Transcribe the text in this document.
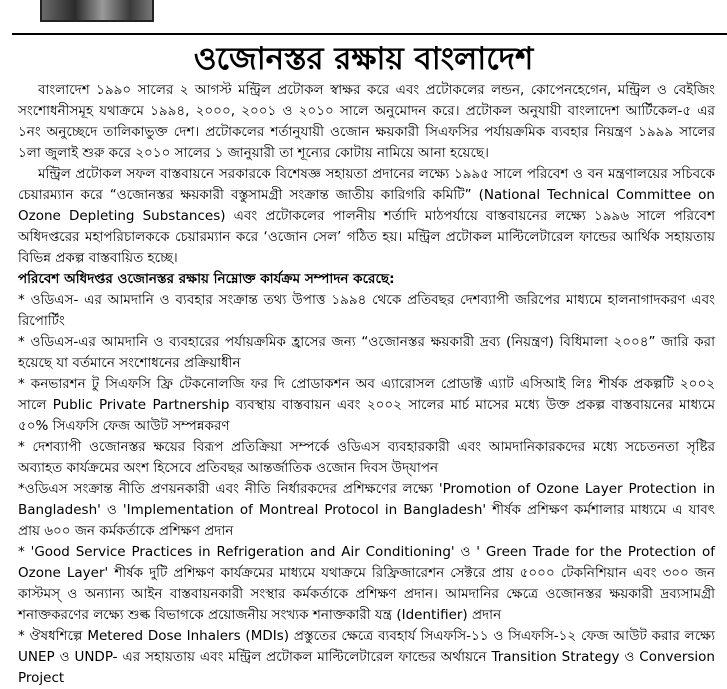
ওজোনস্তর রক্ষায় বাংলাদেশ

বাংলাদেশ ১৯৯০ সালের ২ আগস্ট মন্ট্রিল প্রটোকল স্বাক্ষর করে এবং প্রটোকলের লন্ডন, কোপেনহেগেন, মন্ট্রিল ও বেইজিং সংশোধনীসমূহ যথাক্রমে ১৯৯৪, ২০০০, ২০০১ ও ২০১০ সালে অনুমোদন করে। প্রটোকল অনুযায়ী বাংলাদেশ আর্টিকেল-৫ এর ১নং অনুচ্ছেদে তালিকাভুক্ত দেশ। প্রটোকলের শর্তানুযায়ী ওজোন ক্ষয়কারী সিএফসির পর্যায়ক্রমিক ব্যবহার নিয়ন্ত্রণ ১৯৯৯ সালের ১লা জুলাই শুরু করে ২০১০ সালের ১ জানুয়ারী তা শূন্যের কোটায় নামিয়ে আনা হয়েছে।

মন্ট্রিল প্রটোকল সফল বাস্তবায়নে সরকারকে বিশেষজ্ঞ সহায়তা প্রদানের লক্ষ্যে ১৯৯৫ সালে পরিবেশ ও বন মন্ত্রণালয়ের সচিবকে চেয়ারম্যান করে “ওজোনস্তর ক্ষয়কারী বস্তুসামগ্রী সংক্রান্ত জাতীয় কারিগরি কমিটি” (National Technical Committee on Ozone Depleting Substances) এবং প্রটোকলের পালনীয় শর্তাদি মাঠপর্যায়ে বাস্তবায়নের লক্ষ্যে ১৯৯৬ সালে পরিবেশ অধিদপ্তরের মহাপরিচালককে চেয়ারম্যান করে ‘ওজোন সেল’ গঠিত হয়। মন্ট্রিল প্রটোকল মাল্টিলেটারেল ফান্ডের আর্থিক সহায়তায় বিভিন্ন প্রকল্প বাস্তবায়িত হচ্ছে।

পরিবেশ অধিদপ্তর ওজোনস্তর রক্ষায় নিম্নোক্ত কার্যক্রম সম্পাদন করেছে:

* ওডিএস- এর আমদানি ও ব্যবহার সংক্রান্ত তথ্য উপাত্ত ১৯৯৪ থেকে প্রতিবছর দেশব্যাপী জরিপের মাধ্যমে হালনাগাদকরণ এবং রিপোর্টিং

* ওডিএস-এর আমদানি ও ব্যবহারের পর্যায়ক্রমিক হ্রাসের জন্য “ওজোনস্তর ক্ষয়কারী দ্রব্য (নিয়ন্ত্রণ) বিধিমালা ২০০৪” জারি করা হয়েছে যা বর্তমানে সংশোধনের প্রক্রিয়াধীন

* কনভারশন টু সিএফসি ফ্রি টেকনোলজি ফর দি প্রোডাকশন অব এ্যারোসল প্রোডাক্ট এ্যাট এসিআই লিঃ শীর্ষক প্রকল্পটি ২০০২ সালে Public Private Partnership ব্যবস্থায় বাস্তবায়ন এবং ২০০২ সালের মার্চ মাসের মধ্যে উক্ত প্রকল্প বাস্তবায়নের মাধ্যমে ৫০% সিএফসি ফেজ আউট সম্পন্নকরণ

* দেশব্যাপী ওজোনস্তর ক্ষয়ের বিরূপ প্রতিক্রিয়া সম্পর্কে ওডিএস ব্যবহারকারী এবং আমদানিকারকদের মধ্যে সচেতনতা সৃষ্টির অব্যাহত কার্যক্রমের অংশ হিসেবে প্রতিবছর আন্তর্জাতিক ওজোন দিবস উদ্‌যাপন

*ওডিএস সংক্রান্ত নীতি প্রণয়নকারী এবং নীতি নির্ধারকদের প্রশিক্ষণের লক্ষ্যে 'Promotion of Ozone Layer Protection in Bangladesh' ও 'Implementation of Montreal Protocol in Bangladesh' শীর্ষক প্রশিক্ষণ কর্মশালার মাধ্যমে এ যাবৎ প্রায় ৬০০ জন কর্মকর্তাকে প্রশিক্ষণ প্রদান

* 'Good Service Practices in Refrigeration and Air Conditioning' ও ' Green Trade for the Protection of Ozone Layer' শীর্ষক দুটি প্রশিক্ষণ কার্যক্রমের মাধ্যমে যথাক্রমে রিফ্রিজারেশন সেক্টরে প্রায় ৫০০০ টেকনিশিয়ান এবং ৩০০ জন কাস্টমস্ ও অন্যান্য আইন বাস্তবায়নকারী সংস্থার কর্মকর্তাকে প্রশিক্ষণ প্রদান। আমদানির ক্ষেত্রে ওজোনস্তর ক্ষয়কারী দ্রব্যসামগ্রী শনাক্তকরণের লক্ষ্যে শুল্ক বিভাগকে প্রয়োজনীয় সংখ্যক শনাক্তকারী যন্ত্র (Identifier) প্রদান

* ঔষধশিল্পে Metered Dose Inhalers (MDIs) প্রস্তুতের ক্ষেত্রে ব্যবহার্য সিএফসি-১১ ও সিএফসি-১২ ফেজ আউট করার লক্ষ্যে UNEP ও UNDP- এর সহায়তায় এবং মন্ট্রিল প্রটোকল মাল্টিলেটারেল ফান্ডের অর্থায়নে Transition Strategy ও Conversion Project
